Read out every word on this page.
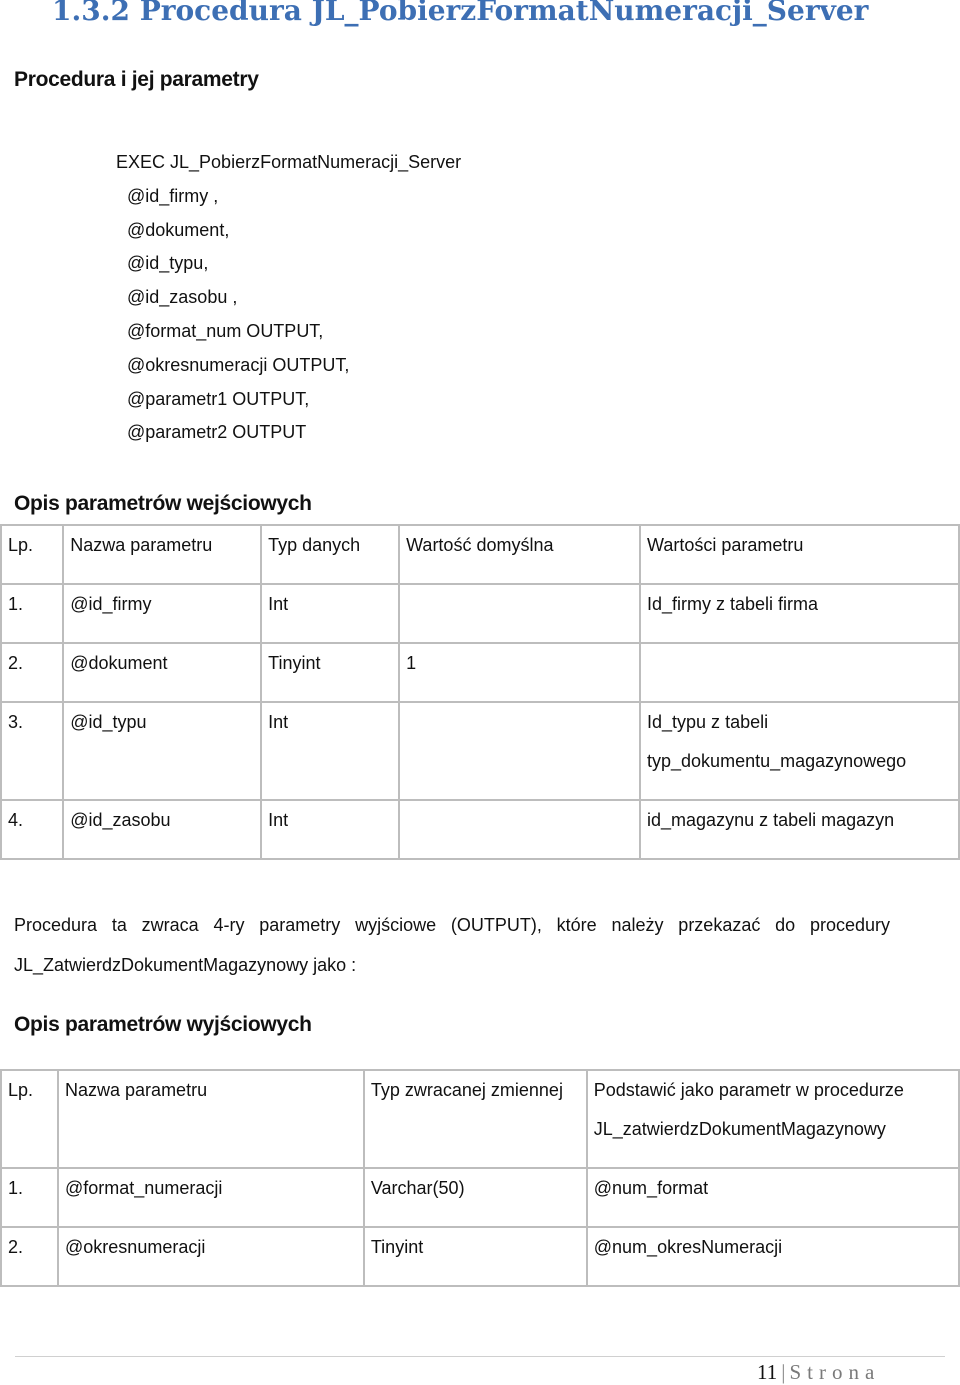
1.3.2 Procedura JL_PobierzFormatNumeracji_Server
Procedura i jej parametry
EXEC JL_PobierzFormatNumeracji_Server
@id_firmy ,
@dokument,
@id_typu,
@id_zasobu ,
@format_num OUTPUT,
@okresnumeracji OUTPUT,
@parametr1 OUTPUT,
@parametr2 OUTPUT
Opis parametrów wejściowych
Lp.	Nazwa parametru	Typ danych	Wartość domyślna	Wartości parametru
1.	@id_firmy	Int		Id_firmy z tabeli firma
2.	@dokument	Tinyint	1	
3.	@id_typu	Int		Id_typu z tabeli typ_dokumentu_magazynowego
4.	@id_zasobu	Int		id_magazynu z tabeli magazyn
Procedura ta zwraca 4-ry parametry wyjściowe (OUTPUT), które należy przekazać do procedury
JL_ZatwierdzDokumentMagazynowy jako :
Opis parametrów wyjściowych
Lp.	Nazwa parametru	Typ zwracanej zmiennej	Podstawić jako parametr w procedurze JL_zatwierdzDokumentMagazynowy
1.	@format_numeracji	Varchar(50)	@num_format
2.	@okresnumeracji	Tinyint	@num_okresNumeracji
11 | Strona
